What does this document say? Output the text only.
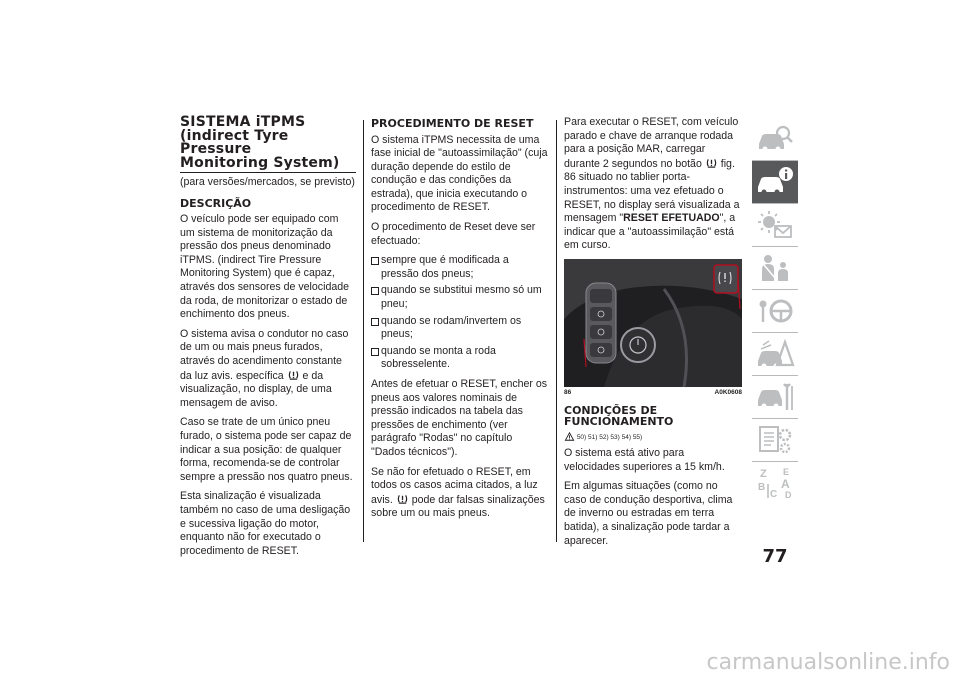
SISTEMA iTPMS
(indirect Tyre
Pressure
Monitoring System)

(para versões/mercados, se previsto)

DESCRIÇÃO

O veículo pode ser equipado com um sistema de monitorização da pressão dos pneus denominado iTPMS. (indirect Tire Pressure Monitoring System) que é capaz, através dos sensores de velocidade da roda, de monitorizar o estado de enchimento dos pneus.

O sistema avisa o condutor no caso de um ou mais pneus furados, através do acendimento constante da luz avis. específica e da visualização, no display, de uma mensagem de aviso.

Caso se trate de um único pneu furado, o sistema pode ser capaz de indicar a sua posição: de qualquer forma, recomenda-se de controlar sempre a pressão nos quatro pneus.

Esta sinalização é visualizada também no caso de uma desligação e sucessiva ligação do motor, enquanto não for executado o procedimento de RESET.

PROCEDIMENTO DE RESET

O sistema iTPMS necessita de uma fase inicial de "autoassimilação" (cuja duração depende do estilo de condução e das condições da estrada), que inicia executando o procedimento de RESET.

O procedimento de Reset deve ser efectuado:

sempre que é modificada a pressão dos pneus;
quando se substitui mesmo só um pneu;
quando se rodam/invertem os pneus;
quando se monta a roda sobresselente.

Antes de efetuar o RESET, encher os pneus aos valores nominais de pressão indicados na tabela das pressões de enchimento (ver parágrafo "Rodas" no capítulo "Dados técnicos").

Se não for efetuado o RESET, em todos os casos acima citados, a luz avis. pode dar falsas sinalizações sobre um ou mais pneus.

Para executar o RESET, com veículo parado e chave de arranque rodada para a posição MAR, carregar durante 2 segundos no botão fig. 86 situado no tablier porta-instrumentos: uma vez efetuado o RESET, no display será visualizada a mensagem "RESET EFETUADO", a indicar que a "autoassimilação" está em curso.

86	A0K0608
CONDIÇÕES DE FUNCIONAMENTO
50) 51) 52) 53) 54) 55)

O sistema está ativo para velocidades superiores a 15 km/h.

Em algumas situações (como no caso de condução desportiva, clima de inverno ou estradas em terra batida), a sinalização pode tardar a aparecer.

Z E
B A
C D
77
carmanualsonline.info
